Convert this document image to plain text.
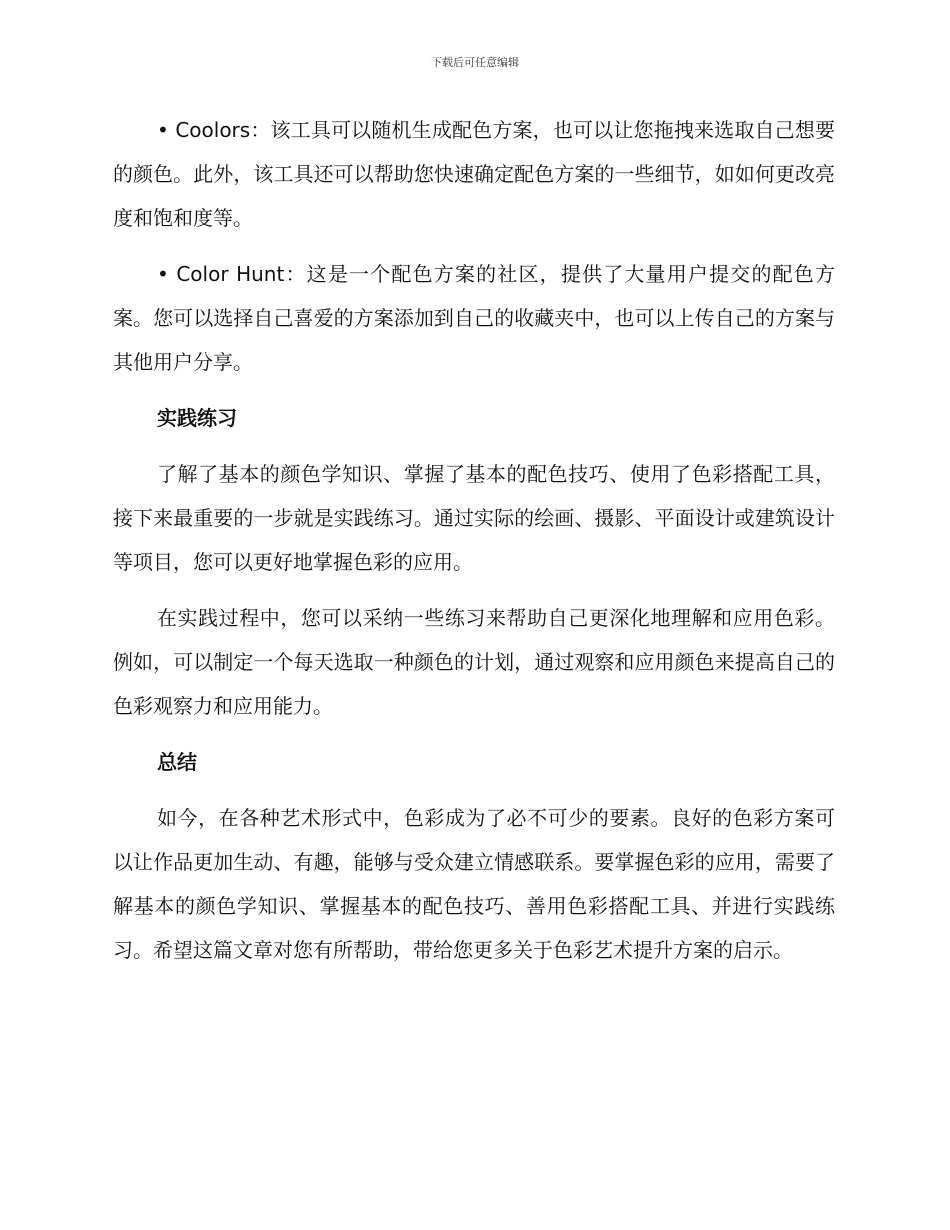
下载后可任意编辑

• Coolors：该工具可以随机生成配色方案，也可以让您拖拽来选取自己想要的颜色。此外，该工具还可以帮助您快速确定配色方案的一些细节，如如何更改亮度和饱和度等。

• Color Hunt：这是一个配色方案的社区，提供了大量用户提交的配色方案。您可以选择自己喜爱的方案添加到自己的收藏夹中，也可以上传自己的方案与其他用户分享。

实践练习

了解了基本的颜色学知识、掌握了基本的配色技巧、使用了色彩搭配工具，接下来最重要的一步就是实践练习。通过实际的绘画、摄影、平面设计或建筑设计等项目，您可以更好地掌握色彩的应用。

在实践过程中，您可以采纳一些练习来帮助自己更深化地理解和应用色彩。例如，可以制定一个每天选取一种颜色的计划，通过观察和应用颜色来提高自己的色彩观察力和应用能力。

总结

如今，在各种艺术形式中，色彩成为了必不可少的要素。良好的色彩方案可以让作品更加生动、有趣，能够与受众建立情感联系。要掌握色彩的应用，需要了解基本的颜色学知识、掌握基本的配色技巧、善用色彩搭配工具、并进行实践练习。希望这篇文章对您有所帮助，带给您更多关于色彩艺术提升方案的启示。
